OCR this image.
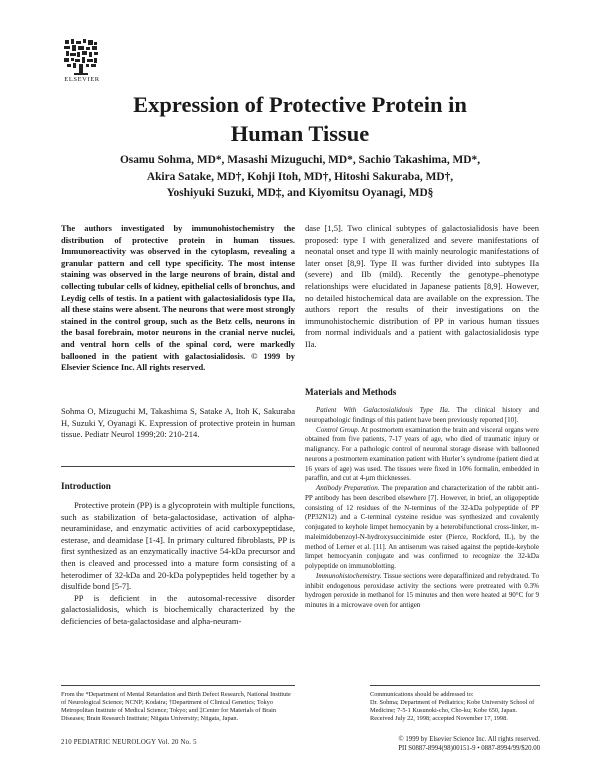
ELSEVIER
Expression of Protective Protein in
Human Tissue
Osamu Sohma, MD*, Masashi Mizuguchi, MD*, Sachio Takashima, MD*,
Akira Satake, MD†, Kohji Itoh, MD†, Hitoshi Sakuraba, MD†,
Yoshiyuki Suzuki, MD‡, and Kiyomitsu Oyanagi, MD§
The authors investigated by immunohistochemistry the distribution of protective protein in human tissues. Immunoreactivity was observed in the cytoplasm, revealing a granular pattern and cell type specificity. The most intense staining was observed in the large neurons of brain, distal and collecting tubular cells of kidney, epithelial cells of bronchus, and Leydig cells of testis. In a patient with galactosialidosis type IIa, all these stains were absent. The neurons that were most strongly stained in the control group, such as the Betz cells, neurons in the basal forebrain, motor neurons in the cranial nerve nuclei, and ventral horn cells of the spinal cord, were markedly ballooned in the patient with galactosialidosis. © 1999 by Elsevier Science Inc. All rights reserved.
Sohma O, Mizuguchi M, Takashima S, Satake A, Itoh K, Sakuraba H, Suzuki Y, Oyanagi K. Expression of protective protein in human tissue. Pediatr Neurol 1999;20: 210-214.
Introduction

Protective protein (PP) is a glycoprotein with multiple functions, such as stabilization of beta-galactosidase, activation of alpha-neuraminidase, and enzymatic activities of acid carboxypeptidase, esterase, and deamidase [1-4]. In primary cultured fibroblasts, PP is first synthesized as an enzymatically inactive 54-kDa precursor and then is cleaved and processed into a mature form consisting of a heterodimer of 32-kDa and 20-kDa polypeptides held together by a disulfide bond [5-7].

PP is deficient in the autosomal-recessive disorder galactosialidosis, which is biochemically characterized by the deficiencies of beta-galactosidase and alpha-neuram-

dase [1,5]. Two clinical subtypes of galactosialidosis have been proposed: type I with generalized and severe manifestations of neonatal onset and type II with mainly neurologic manifestations of later onset [8,9]. Type II was further divided into subtypes IIa (severe) and IIb (mild). Recently the genotype–phenotype relationships were elucidated in Japanese patients [8,9]. However, no detailed histochemical data are available on the expression. The authors report the results of their investigations on the immunohistochemic distribution of PP in various human tissues from normal individuals and a patient with galactosialidosis type IIa.

Materials and Methods

Patient With Galactosialidosis Type IIa. The clinical history and neuropathologic findings of this patient have been previously reported [10].

Control Group. At postmortem examination the brain and visceral organs were obtained from five patients, 7-17 years of age, who died of traumatic injury or malignancy. For a pathologic control of neuronal storage disease with ballooned neurons a postmortem examination patient with Hurler’s syndrome (patient died at 16 years of age) was used. The tissues were fixed in 10% formalin, embedded in paraffin, and cut at 4-µm thicknesses.

Antibody Preparation. The preparation and characterization of the rabbit anti-PP antibody has been described elsewhere [7]. However, in brief, an oligopeptide consisting of 12 residues of the N-terminus of the 32-kDa polypeptide of PP (PP32N12) and a C-terminal cysteine residue was synthesized and covalently conjugated to keyhole limpet hemocyanin by a heterobifunctional cross-linker, m-maleimidobenzoyl-N-hydroxysuccinimide ester (Pierce, Rockford, IL), by the method of Lerner et al. [11]. An antiserum was raised against the peptide-keyhole limpet hemocyanin conjugate and was confirmed to recognize the 32-kDa polypeptide on immunoblotting.

Immunohistochemistry. Tissue sections were deparaffinized and rehydrated. To inhibit endogenous peroxidase activity the sections were pretreated with 0.3% hydrogen peroxide in methanol for 15 minutes and then were heated at 90°C for 9 minutes in a microwave oven for antigen

From the *Department of Mental Retardation and Birth Defect Research, National Institute of Neurological Science; NCNP; Kodaira; †Department of Clinical Genetics; Tokyo Metropolitan Institute of Medical Science; Tokyo; and ‡Center for Materials of Brain Diseases; Brain Research Institute; Niigata University; Niigata, Japan.
Communications should be addressed to:
Dr. Sohma; Department of Pediatrics; Kobe University School of Medicine; 7-5-1 Kusunoki-cho, Cho-ku; Kobe 650, Japan.
Received July 22, 1998; accepted November 17, 1998.
210 PEDIATRIC NEUROLOGY Vol. 20 No. 5	© 1999 by Elsevier Science Inc. All rights reserved.
PII S0887-8994(98)00151-9 • 0887-8994/99/$20.00
